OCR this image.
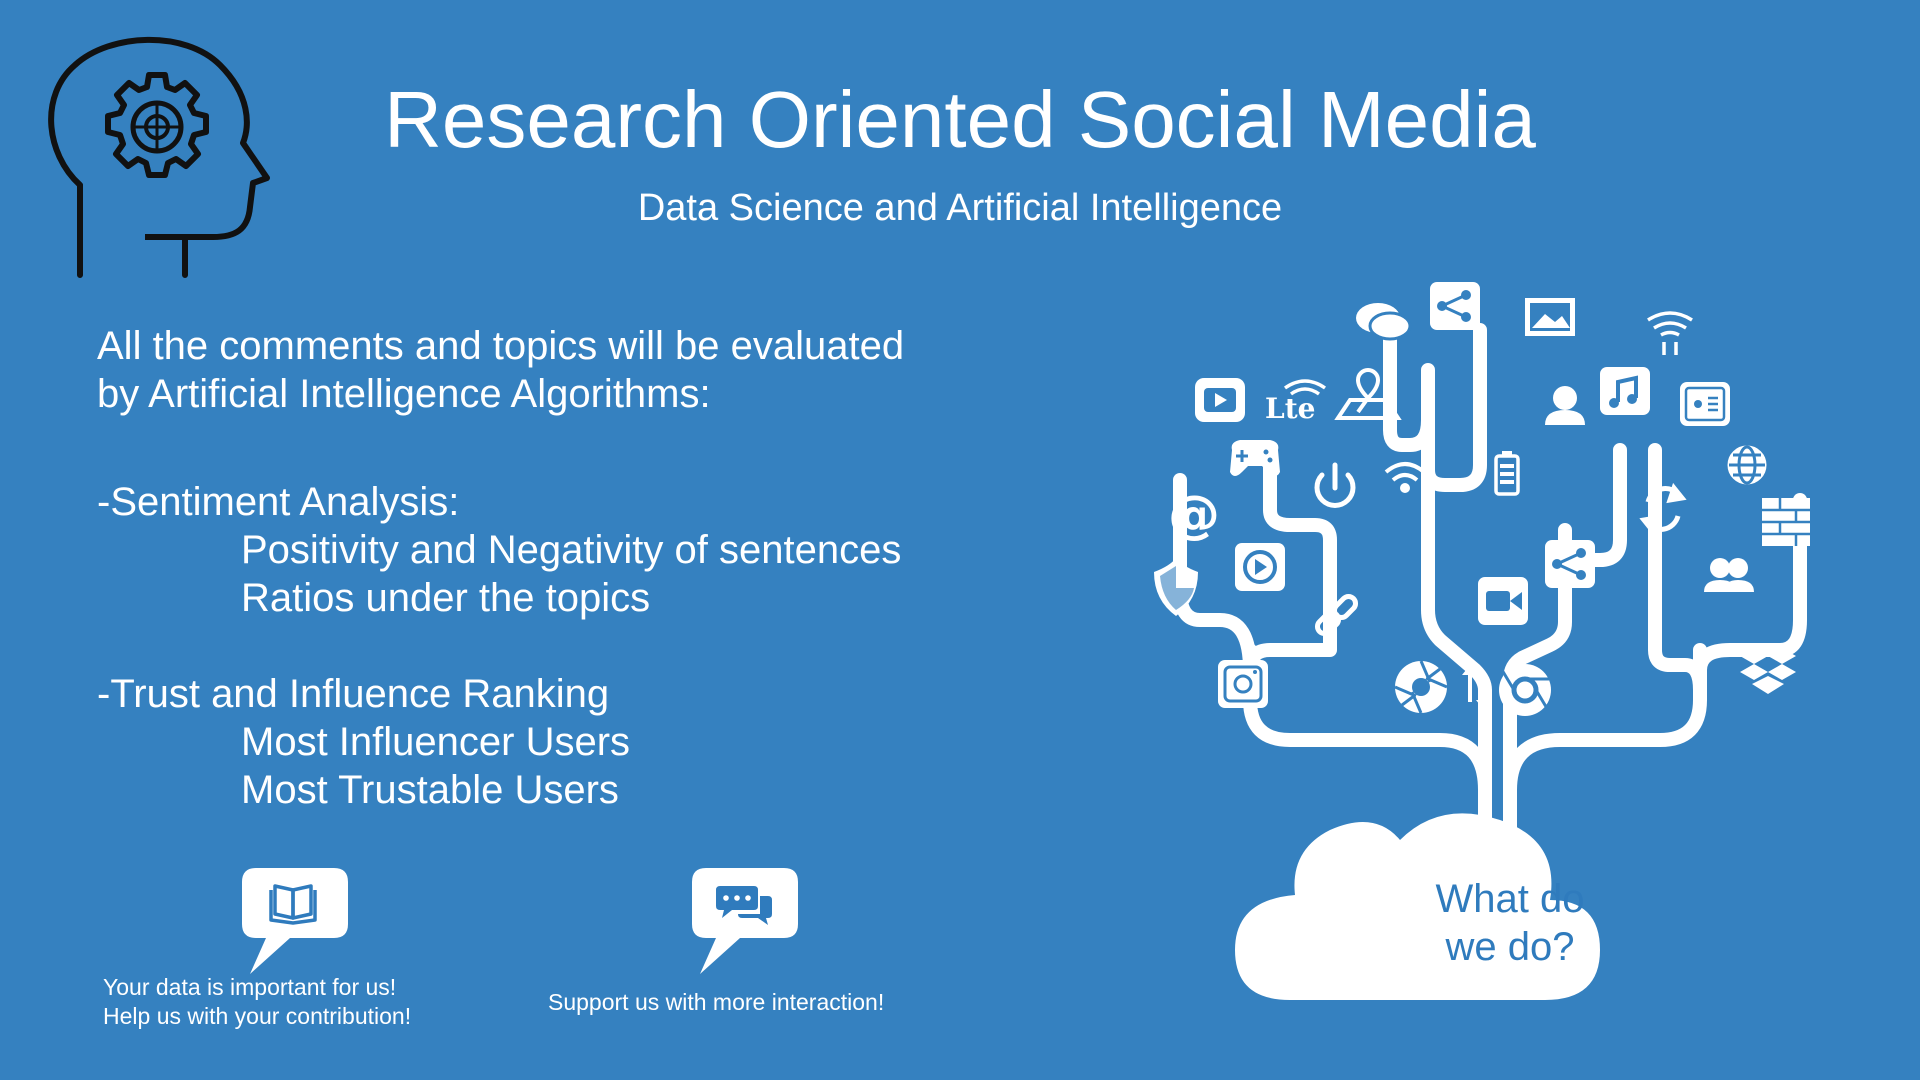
Research Oriented Social Media
Data Science and Artificial Intelligence
All the comments and topics will be evaluated
by Artificial Intelligence Algorithms:
-Sentiment Analysis:
Positivity and Negativity of sentences
Ratios under the topics
-Trust and Influence Ranking
Most Influencer Users
Most Trustable Users
Your data is important for us!
Help us with your contribution!
Support us with more interaction!
Lte
@
What do
we do?
